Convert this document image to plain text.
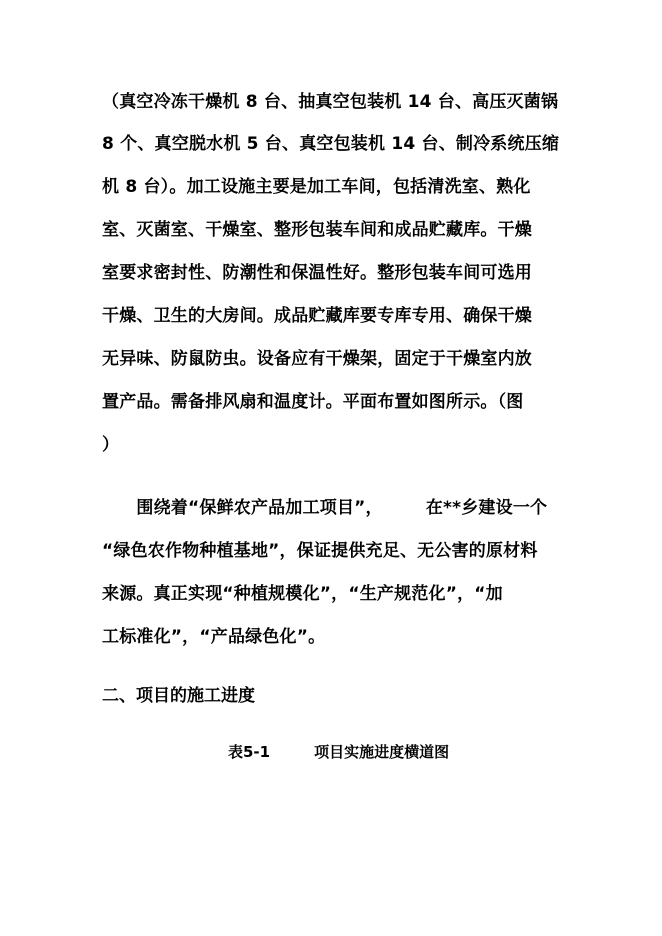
（真空冷冻干燥机 8 台、抽真空包装机 14 台、高压灭菌锅
8 个、真空脱水机 5 台、真空包装机 14 台、制冷系统压缩
机 8 台）。加工设施主要是加工车间，包括清洗室、熟化
室、灭菌室、干燥室、整形包装车间和成品贮藏库。干燥
室要求密封性、防潮性和保温性好。整形包装车间可选用
干燥、卫生的大房间。成品贮藏库要专库专用、确保干燥
无异味、防鼠防虫。设备应有干燥架，固定于干燥室内放
置产品。需备排风扇和温度计。平面布置如图所示。（图
）
　　围绕着“保鲜农产品加工项目”，　　　在**乡建设一个
“绿色农作物种植基地”，保证提供充足、无公害的原材料
来源。真正实现“种植规模化”，“生产规范化”，“加
工标准化”，“产品绿色化”。
二、项目的施工进度
表5-1	项目实施进度横道图
